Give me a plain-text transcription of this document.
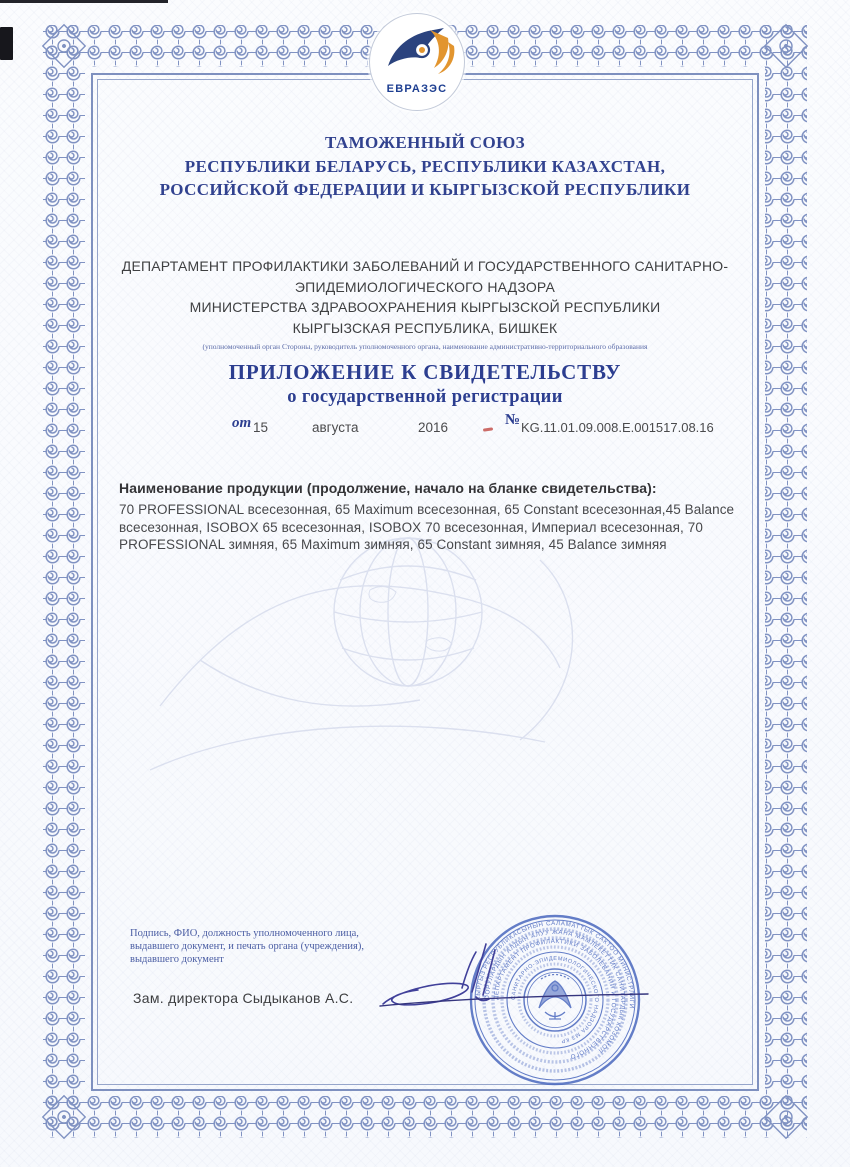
ЕВРАЗЭС
ТАМОЖЕННЫЙ СОЮЗ
РЕСПУБЛИКИ БЕЛАРУСЬ, РЕСПУБЛИКИ КАЗАХСТАН,
РОССИЙСКОЙ ФЕДЕРАЦИИ И КЫРГЫЗСКОЙ РЕСПУБЛИКИ
ДЕПАРТАМЕНТ ПРОФИЛАКТИКИ ЗАБОЛЕВАНИЙ И ГОСУДАРСТВЕННОГО САНИТАРНО-
ЭПИДЕМИОЛОГИЧЕСКОГО НАДЗОРА
МИНИСТЕРСТВА ЗДРАВООХРАНЕНИЯ КЫРГЫЗСКОЙ РЕСПУБЛИКИ
КЫРГЫЗСКАЯ РЕСПУБЛИКА, БИШКЕК
(уполномоченный орган Стороны, руководитель уполномоченного органа, наименование административно-территориального образования
ПРИЛОЖЕНИЕ К СВИДЕТЕЛЬСТВУ
о государственной регистрации
от 15	августа	2016	№ KG.11.01.09.008.E.001517.08.16
Наименование продукции (продолжение, начало на бланке свидетельства):
70 PROFESSIONAL всесезонная, 65 Maximum всесезонная, 65 Constant всесезонная,45 Balance
всесезонная, ISOBOX 65 всесезонная, ISOBOX 70 всесезонная, Империал всесезонная, 70
PROFESSIONAL зимняя, 65 Maximum зимняя, 65 Constant зимняя, 45 Balance зимняя
Подпись, ФИО, должность уполномоченного лица,
выдавшего документ, и печать органа (учреждения),
выдавшего документ
Зам. директора Сыдыканов А.С.	КЫРГЫЗ РЕСПУБЛИКАСЫНЫН САЛАМАТТЫК САКТОО МИНИСТРЛИГИ
ООРУЛАРДЫН АЛДЫН АЛУУ ЖАНА МАМЛЕКЕТТИК САНИТАРДЫК КОЗОМОЛ
ДЕПАРТАМЕНТ ПРОФИЛАКТИКИ ЗАБОЛЕВАНИЙ И ГОСУДАРСТВЕННОГО
САНИТАРНО-ЭПИДЕМИОЛОГИЧЕСКОГО НАДЗОРА МЗ КР
